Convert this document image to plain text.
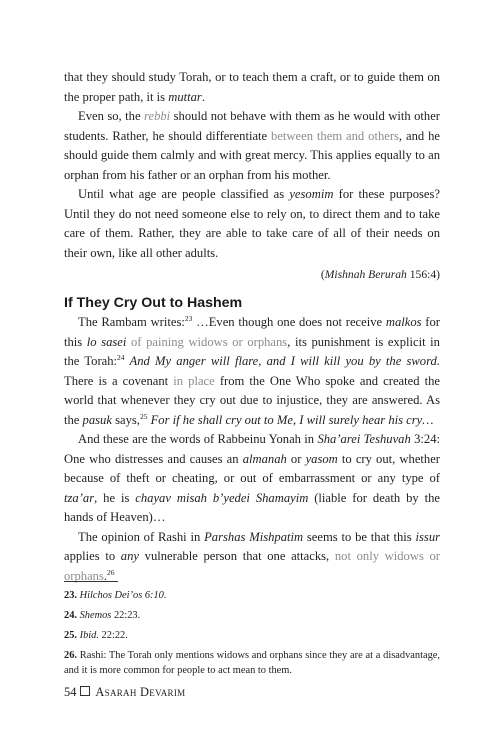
that they should study Torah, or to teach them a craft, or to guide them on the proper path, it is muttar.

Even so, the rebbi should not behave with them as he would with other students. Rather, he should differentiate between them and others, and he should guide them calmly and with great mercy. This applies equally to an orphan from his father or an orphan from his mother.

Until what age are people classified as yesomim for these purposes? Until they do not need someone else to rely on, to direct them and to take care of them. Rather, they are able to take care of all of their needs on their own, like all other adults.

(Mishnah Berurah 156:4)

If They Cry Out to Hashem

The Rambam writes:$^{23}$ …Even though one does not receive malkos for this lo sasei of paining widows or orphans, its punishment is explicit in the Torah:$^{24}$ And My anger will flare, and I will kill you by the sword. There is a covenant in place from the One Who spoke and created the world that whenever they cry out due to injustice, they are answered. As the pasuk says,$^{25}$ For if he shall cry out to Me, I will surely hear his cry…

And these are the words of Rabbeinu Yonah in Sha’arei Teshuvah 3:24: One who distresses and causes an almanah or yasom to cry out, whether because of theft or cheating, or out of embarrassment or any type of tza’ar, he is chayav misah b’yedei Shamayim (liable for death by the hands of Heaven)…

The opinion of Rashi in Parshas Mishpatim seems to be that this issur applies to any vulnerable person that one attacks, not only widows or orphans.$^{26}$

23. Hilchos Dei’os 6:10.

24. Shemos 22:23.

25. Ibid. 22:22.

26. Rashi: The Torah only mentions widows and orphans since they are at a disadvantage, and it is more common for people to act mean to them.

54 Asarah Devarim
